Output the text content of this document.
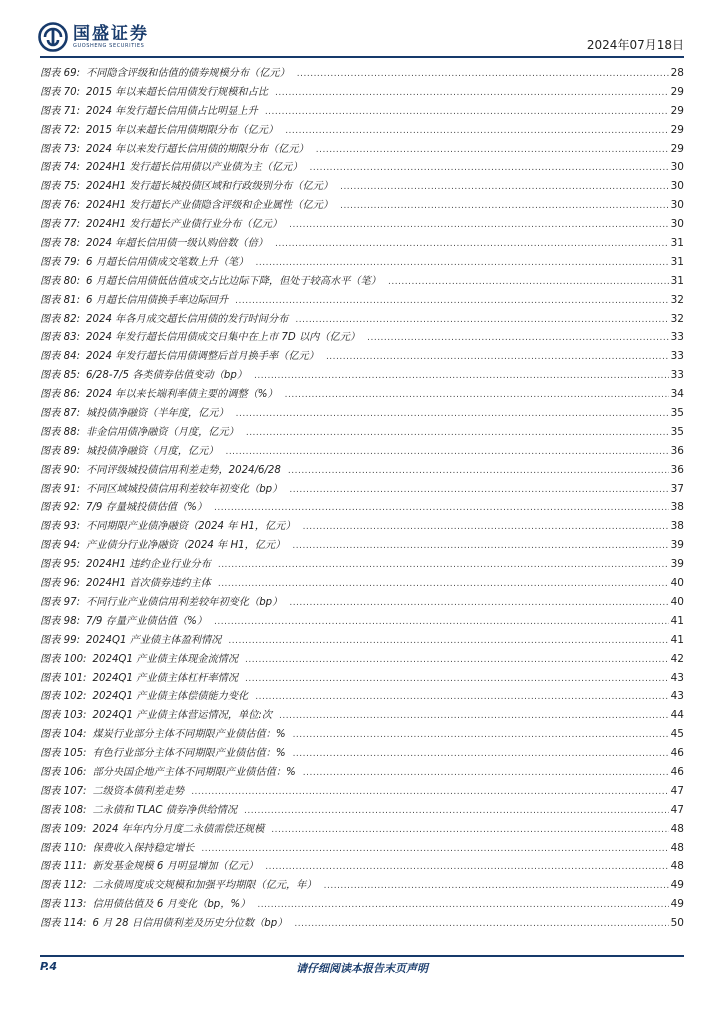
国盛证券
GUOSHENG SECURITIES	2024年07月18日
图表 69: 不同隐含评级和估值的债券规模分布（亿元） .....	28
图表 70: 2015 年以来超长信用债发行规模和占比 .....	29
图表 71: 2024 年发行超长信用债占比明显上升 .....	29
图表 72: 2015 年以来超长信用债期限分布（亿元） .....	29
图表 73: 2024 年以来发行超长信用债的期限分布（亿元） .....	29
图表 74: 2024H1 发行超长信用债以产业债为主（亿元） .....	30
图表 75: 2024H1 发行超长城投债区域和行政级别分布（亿元） .....	30
图表 76: 2024H1 发行超长产业债隐含评级和企业属性（亿元） .....	30
图表 77: 2024H1 发行超长产业债行业分布（亿元） .....	30
图表 78: 2024 年超长信用债一级认购倍数（倍） .....	31
图表 79: 6 月超长信用债成交笔数上升（笔） .....	31
图表 80: 6 月超长信用债低估值成交占比边际下降，但处于较高水平（笔） .....	31
图表 81: 6 月超长信用债换手率边际回升 .....	32
图表 82: 2024 年各月成交超长信用债的发行时间分布 .....	32
图表 83: 2024 年发行超长信用债成交日集中在上市 7D 以内（亿元） .....	33
图表 84: 2024 年发行超长信用债调整后首月换手率（亿元） .....	33
图表 85: 6/28-7/5 各类债券估值变动（bp） .....	33
图表 86: 2024 年以来长端利率债主要的调整（%） .....	34
图表 87: 城投债净融资（半年度，亿元） .....	35
图表 88: 非金信用债净融资（月度，亿元） .....	35
图表 89: 城投债净融资（月度，亿元） .....	36
图表 90: 不同评级城投债信用利差走势，2024/6/28 .....	36
图表 91: 不同区域城投债信用利差较年初变化（bp） .....	37
图表 92: 7/9 存量城投债估值（%） .....	38
图表 93: 不同期限产业债净融资（2024 年 H1，亿元） .....	38
图表 94: 产业债分行业净融资（2024 年 H1，亿元） .....	39
图表 95: 2024H1 违约企业行业分布 .....	39
图表 96: 2024H1 首次债券违约主体 .....	40
图表 97: 不同行业产业债信用利差较年初变化（bp） .....	40
图表 98: 7/9 存量产业债估值（%） .....	41
图表 99: 2024Q1 产业债主体盈利情况 .....	41
图表 100: 2024Q1 产业债主体现金流情况 .....	42
图表 101: 2024Q1 产业债主体杠杆率情况 .....	43
图表 102: 2024Q1 产业债主体偿债能力变化 .....	43
图表 103: 2024Q1 产业债主体营运情况，单位:次 .....	44
图表 104: 煤炭行业部分主体不同期限产业债估值：% .....	45
图表 105: 有色行业部分主体不同期限产业债估值：% .....	46
图表 106: 部分央国企地产主体不同期限产业债估值：% .....	46
图表 107: 二级资本债利差走势 .....	47
图表 108: 二永债和 TLAC 债券净供给情况 .....	47
图表 109: 2024 年年内分月度二永债需偿还规模 .....	48
图表 110: 保费收入保持稳定增长 .....	48
图表 111: 新发基金规模 6 月明显增加（亿元） .....	48
图表 112: 二永债周度成交规模和加强平均期限（亿元，年） .....	49
图表 113: 信用债估值及 6 月变化（bp，%） .....	49
图表 114: 6 月 28 日信用债利差及历史分位数（bp） .....	50
P.4	请仔细阅读本报告末页声明
